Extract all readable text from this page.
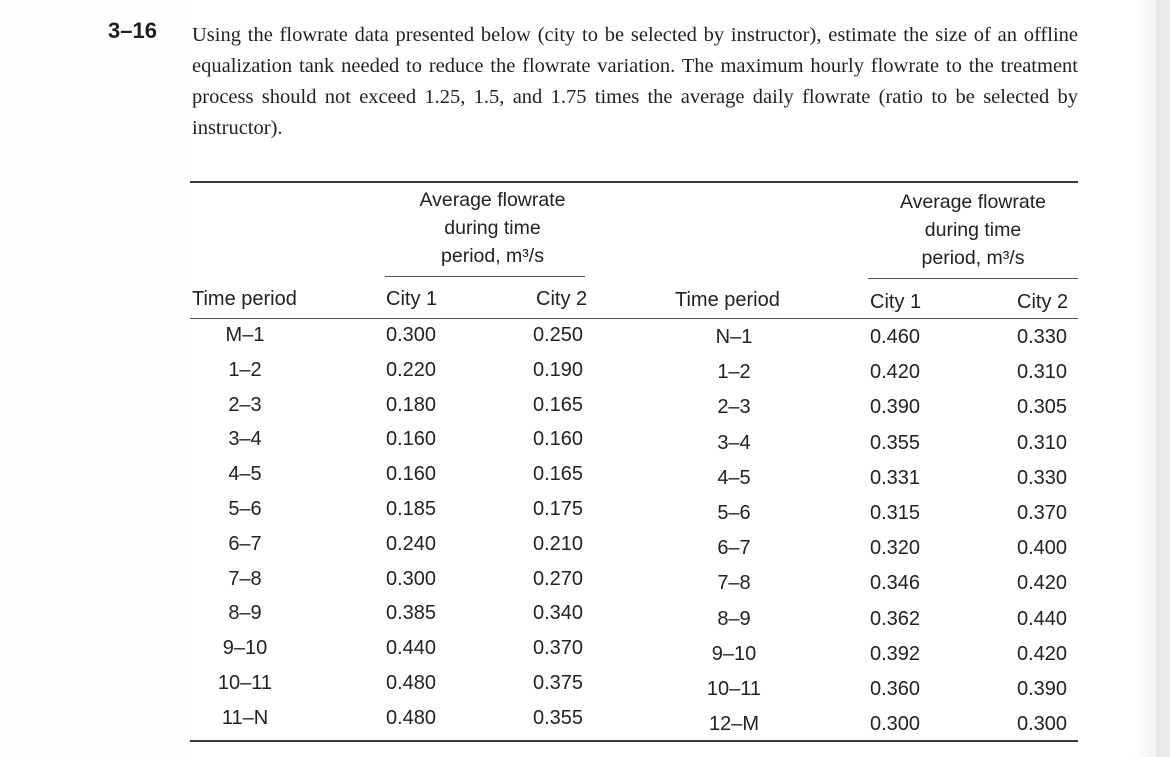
3–16 Using the flowrate data presented below (city to be selected by instructor), estimate the size of an offline equalization tank needed to reduce the flowrate variation. The maximum hourly flowrate to the treatment process should not exceed 1.25, 1.5, and 1.75 times the average daily flowrate (ratio to be selected by instructor).
Average flowrate
during time
period, m³/s
Average flowrate
during time
period, m³/s
Time period	City 1	City 2	Time period	City 1	City 2
M–1	0.300	0.250
1–2	0.220	0.190
2–3	0.180	0.165
3–4	0.160	0.160
4–5	0.160	0.165
5–6	0.185	0.175
6–7	0.240	0.210
7–8	0.300	0.270
8–9	0.385	0.340
9–10	0.440	0.370
10–11	0.480	0.375
11–N	0.480	0.355
N–1	0.460	0.330
1–2	0.420	0.310
2–3	0.390	0.305
3–4	0.355	0.310
4–5	0.331	0.330
5–6	0.315	0.370
6–7	0.320	0.400
7–8	0.346	0.420
8–9	0.362	0.440
9–10	0.392	0.420
10–11	0.360	0.390
12–M	0.300	0.300
